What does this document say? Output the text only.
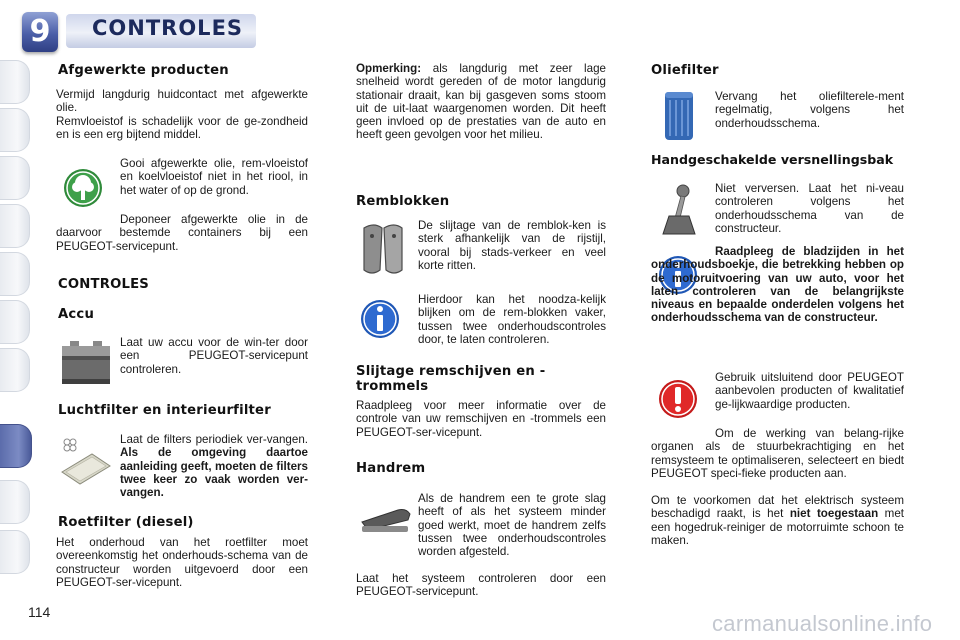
9	CONTROLES
Afgewerkte producten

Vermijd langdurig huidcontact met afgewerkte olie.

Remvloeistof is schadelijk voor de ge-zondheid en is een erg bijtend middel.

Gooi afgewerkte olie, rem-vloeistof en koelvloeistof niet in het riool, in het water of op de grond.

Deponeer afgewerkte olie in de daarvoor bestemde containers bij een PEUGEOT-servicepunt.

CONTROLES
Accu

Laat uw accu voor de win-ter door een PEUGEOT-servicepunt controleren.

Luchtfilter en interieurfilter

Laat de filters periodiek ver-vangen. Als de omgeving daartoe aanleiding geeft, moeten de filters twee keer zo vaak worden ver-vangen.

Roetfilter (diesel)

Het onderhoud van het roetfilter moet overeenkomstig het onderhouds-schema van de constructeur worden uitgevoerd door een PEUGEOT-ser-vicepunt.

Opmerking: als langdurig met zeer lage snelheid wordt gereden of de motor langdurig stationair draait, kan bij gasgeven soms stoom uit de uit-laat waargenomen worden. Dit heeft geen invloed op de prestaties van de auto en heeft geen gevolgen voor het milieu.

Remblokken

De slijtage van de remblok-ken is sterk afhankelijk van de rijstijl, vooral bij stads-verkeer en veel korte ritten.

Hierdoor kan het noodza-kelijk blijken om de rem-blokken vaker, tussen twee onderhoudscontroles door, te laten controleren.

Slijtage remschijven en -trommels

Raadpleeg voor meer informatie over de controle van uw remschijven en -trommels een PEUGEOT-ser-vicepunt.

Handrem

Als de handrem een te grote slag heeft of als het systeem minder goed werkt, moet de handrem zelfs tussen twee onderhoudscontroles worden afgesteld.

Laat het systeem controleren door een PEUGEOT-servicepunt.

Oliefilter

Vervang het oliefilterele-ment regelmatig, volgens het onderhoudsschema.

Handgeschakelde versnellingsbak

Niet verversen. Laat het ni-veau controleren volgens het onderhoudsschema van de constructeur.

Raadpleeg de bladzijden in het onderhoudsboekje, die betrekking hebben op de motoruitvoering van uw auto, voor het laten controleren van de belangrijkste niveaus en bepaalde onderdelen volgens het onderhoudsschema van de constructeur.

Gebruik uitsluitend door PEUGEOT aanbevolen producten of kwalitatief ge-lijkwaardige producten.

Om de werking van belang-rijke organen als de stuurbekrachtiging en het remsysteem te optimaliseren, selecteert en biedt PEUGEOT speci-fieke producten aan.

Om te voorkomen dat het elektrisch systeem beschadigd raakt, is het niet toegestaan met een hogedruk-reiniger de motorruimte schoon te maken.

114	carmanualsonline.info
